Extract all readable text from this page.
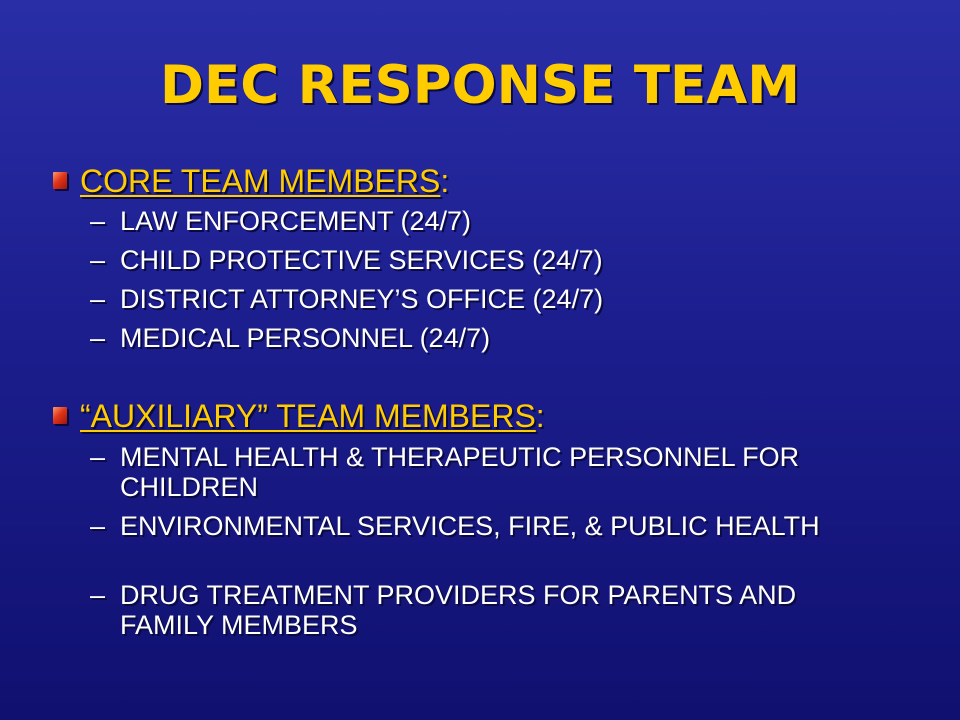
DEC RESPONSE TEAM
CORE TEAM MEMBERS:
– LAW ENFORCEMENT (24/7)
– CHILD PROTECTIVE SERVICES (24/7)
– DISTRICT ATTORNEY’S OFFICE (24/7)
– MEDICAL PERSONNEL (24/7)
“AUXILIARY” TEAM MEMBERS:
– MENTAL HEALTH & THERAPEUTIC PERSONNEL FOR CHILDREN
– ENVIRONMENTAL SERVICES, FIRE, & PUBLIC HEALTH
– DRUG TREATMENT PROVIDERS FOR PARENTS AND FAMILY MEMBERS
